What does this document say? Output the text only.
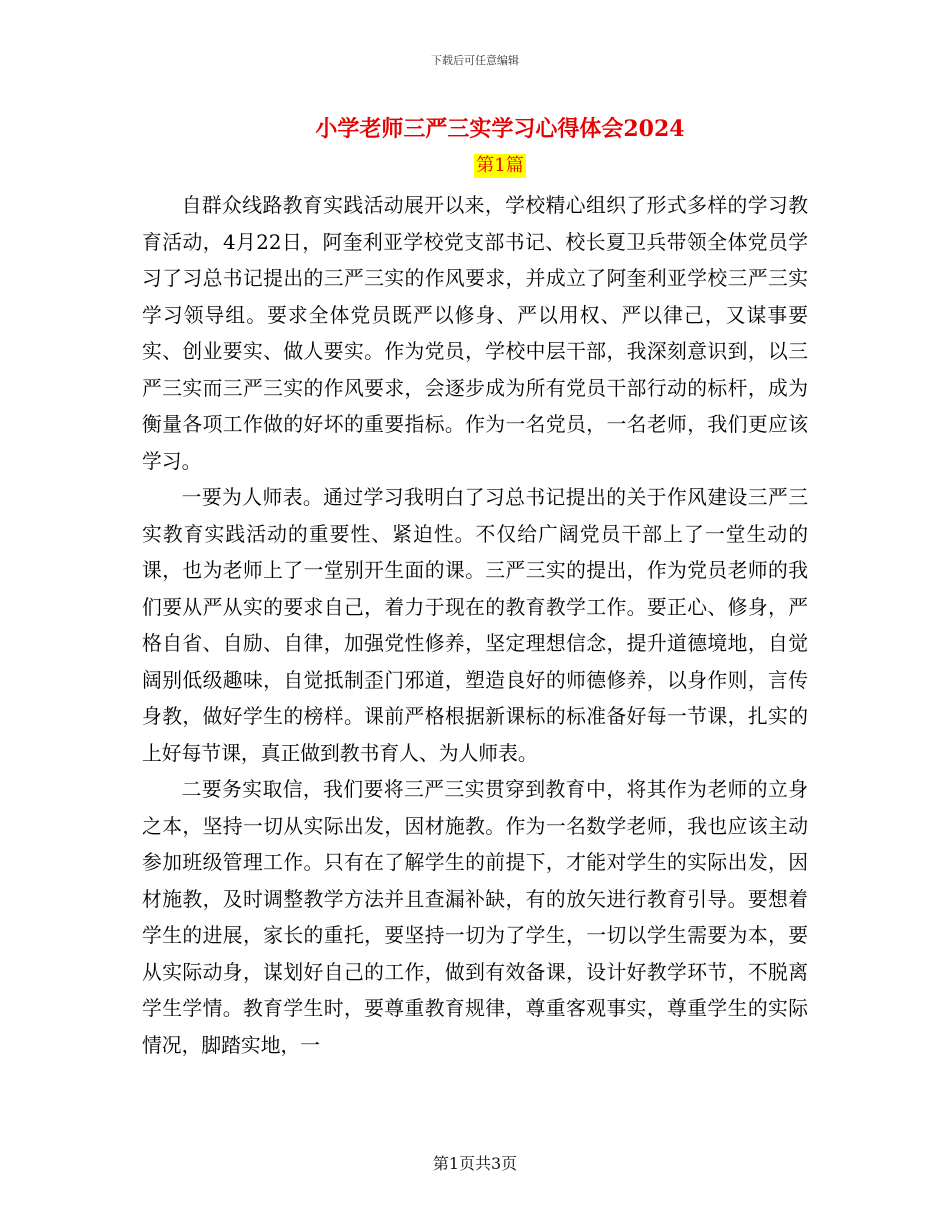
下载后可任意编辑
小学老师三严三实学习心得体会2024
第1篇

自群众线路教育实践活动展开以来，学校精心组织了形式多样的学习教育活动，4月22日，阿奎利亚学校党支部书记、校长夏卫兵带领全体党员学习了习总书记提出的三严三实的作风要求，并成立了阿奎利亚学校三严三实学习领导组。要求全体党员既严以修身、严以用权、严以律己，又谋事要实、创业要实、做人要实。作为党员，学校中层干部，我深刻意识到，以三严三实而三严三实的作风要求，会逐步成为所有党员干部行动的标杆，成为衡量各项工作做的好坏的重要指标。作为一名党员，一名老师，我们更应该学习。

一要为人师表。通过学习我明白了习总书记提出的关于作风建设三严三实教育实践活动的重要性、紧迫性。不仅给广阔党员干部上了一堂生动的课，也为老师上了一堂别开生面的课。三严三实的提出，作为党员老师的我们要从严从实的要求自己，着力于现在的教育教学工作。要正心、修身，严格自省、自励、自律，加强党性修养，坚定理想信念，提升道德境地，自觉阔别低级趣味，自觉抵制歪门邪道，塑造良好的师德修养，以身作则，言传身教，做好学生的榜样。课前严格根据新课标的标准备好每一节课，扎实的上好每节课，真正做到教书育人、为人师表。

二要务实取信，我们要将三严三实贯穿到教育中，将其作为老师的立身之本，坚持一切从实际出发，因材施教。作为一名数学老师，我也应该主动参加班级管理工作。只有在了解学生的前提下，才能对学生的实际出发，因材施教，及时调整教学方法并且查漏补缺，有的放矢进行教育引导。要想着学生的进展，家长的重托，要坚持一切为了学生，一切以学生需要为本，要从实际动身，谋划好自己的工作，做到有效备课，设计好教学环节，不脱离学生学情。教育学生时，要尊重教育规律，尊重客观事实，尊重学生的实际情况，脚踏实地，一

第1页共3页
